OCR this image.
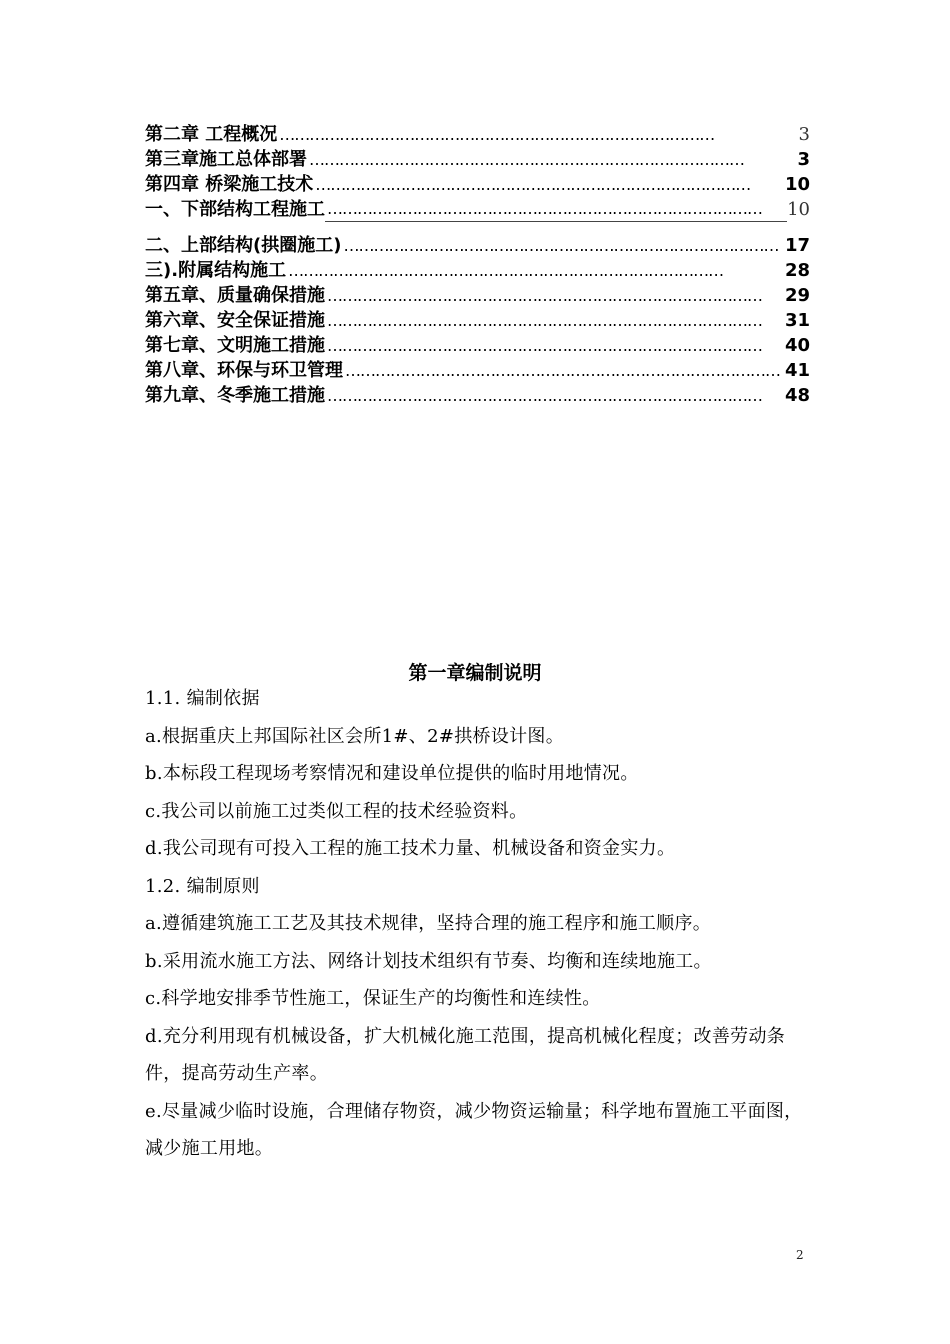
第二章 工程概况 ……………………………………………………………………………	3
第三章施工总体部署 ……………………………………………………………………………	3
第四章 桥梁施工技术 ……………………………………………………………………………	10
一、下部结构工程施工 ……………………………………………………………………………	10
二、上部结构(拱圈施工) …………………………………………………………………………… 17
三).附属结构施工 ……………………………………………………………………………	28
第五章、质量确保措施 ……………………………………………………………………………	29
第六章、安全保证措施 ……………………………………………………………………………	31
第七章、文明施工措施 ……………………………………………………………………………	40
第八章、环保与环卫管理 …………………………………………………………………………… 41
第九章、冬季施工措施 ……………………………………………………………………………	48
第一章编制说明

1.1. 编制依据

a.根据重庆上邦国际社区会所1#、2#拱桥设计图。

b.本标段工程现场考察情况和建设单位提供的临时用地情况。

c.我公司以前施工过类似工程的技术经验资料。

d.我公司现有可投入工程的施工技术力量、机械设备和资金实力。

1.2. 编制原则

a.遵循建筑施工工艺及其技术规律，坚持合理的施工程序和施工顺序。

b.采用流水施工方法、网络计划技术组织有节奏、均衡和连续地施工。

c.科学地安排季节性施工，保证生产的均衡性和连续性。

d.充分利用现有机械设备，扩大机械化施工范围，提高机械化程度；改善劳动条件，提高劳动生产率。

e.尽量减少临时设施，合理储存物资，减少物资运输量；科学地布置施工平面图，减少施工用地。

2
